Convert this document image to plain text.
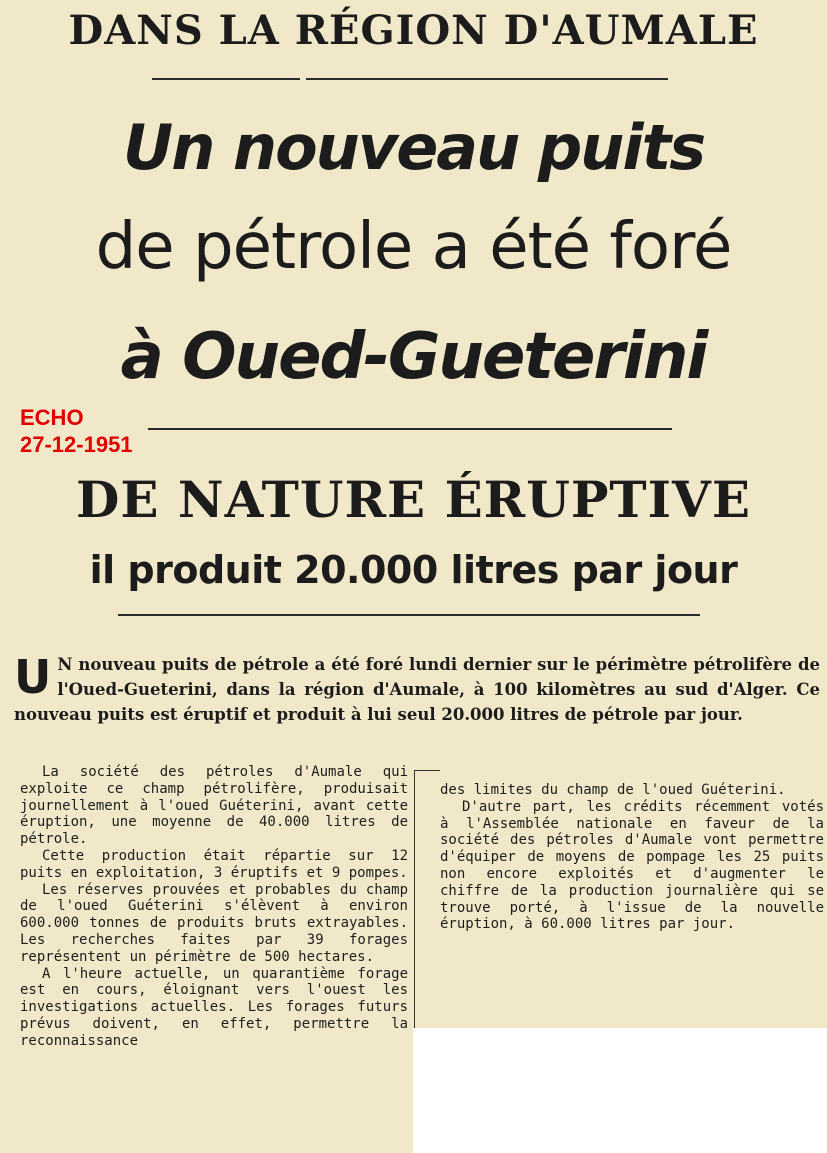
DANS LA RÉGION D'AUMALE
Un nouveau puits
de pétrole a été foré
à Oued-Gueterini
ECHO
27-12-1951
DE NATURE ÉRUPTIVE
il produit 20.000 litres par jour
U N nouveau puits de pétrole a été foré lundi dernier sur le périmètre pétrolifère de l'Oued-Gueterini, dans la région d'Aumale, à 100 kilomètres au sud d'Alger. Ce nouveau puits est éruptif et produit à lui seul 20.000 litres de pétrole par jour.

La société des pétroles d'Aumale qui exploite ce champ pétrolifère, produisait journellement à l'oued Guéterini, avant cette éruption, une moyenne de 40.000 litres de pétrole.

Cette production était répartie sur 12 puits en exploitation, 3 éruptifs et 9 pompes.

Les réserves prouvées et probables du champ de l'oued Guéterini s'élèvent à environ 600.000 tonnes de produits bruts extrayables. Les recherches faites par 39 forages représentent un périmètre de 500 hectares.

A l'heure actuelle, un quarantième forage est en cours, éloignant vers l'ouest les investigations actuelles. Les forages futurs prévus doivent, en effet, permettre la reconnaissance

des limites du champ de l'oued Guéterini.

D'autre part, les crédits récemment votés à l'Assemblée nationale en faveur de la société des pétroles d'Aumale vont permettre d'équiper de moyens de pompage les 25 puits non encore exploités et d'augmenter le chiffre de la production journalière qui se trouve porté, à l'issue de la nouvelle éruption, à 60.000 litres par jour.
